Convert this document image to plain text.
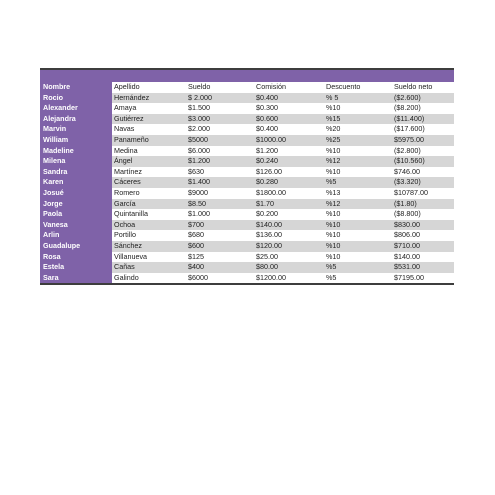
Nombre	Apellido	Sueldo	Comisión	Descuento	Sueldo neto
Rocio	Hernández	$ 2.000	$0.400	% 5	($2.600)
Alexander	Amaya	$1.500	$0.300	%10	($8.200)
Alejandra	Gutiérrez	$3.000	$0.600	%15	($11.400)
Marvin	Navas	$2.000	$0.400	%20	($17.600)
William	Panameño	$5000	$1000.00	%25	$5975.00
Madeline	Medina	$6.000	$1.200	%10	($2.800)
Milena	Ángel	$1.200	$0.240	%12	($10.560)
Sandra	Martínez	$630	$126.00	%10	$746.00
Karen	Cáceres	$1.400	$0.280	%5	($3.320)
Josué	Romero	$9000	$1800.00	%13	$10787.00
Jorge	García	$8.50	$1.70	%12	($1.80)
Paola	Quintanilla	$1.000	$0.200	%10	($8.800)
Vanesa	Ochoa	$700	$140.00	%10	$830.00
Arlin	Portillo	$680	$136.00	%10	$806.00
Guadalupe	Sánchez	$600	$120.00	%10	$710.00
Rosa	Villanueva	$125	$25.00	%10	$140.00
Estela	Cañas	$400	$80.00	%5	$531.00
Sara	Galindo	$6000	$1200.00	%5	$7195.00
